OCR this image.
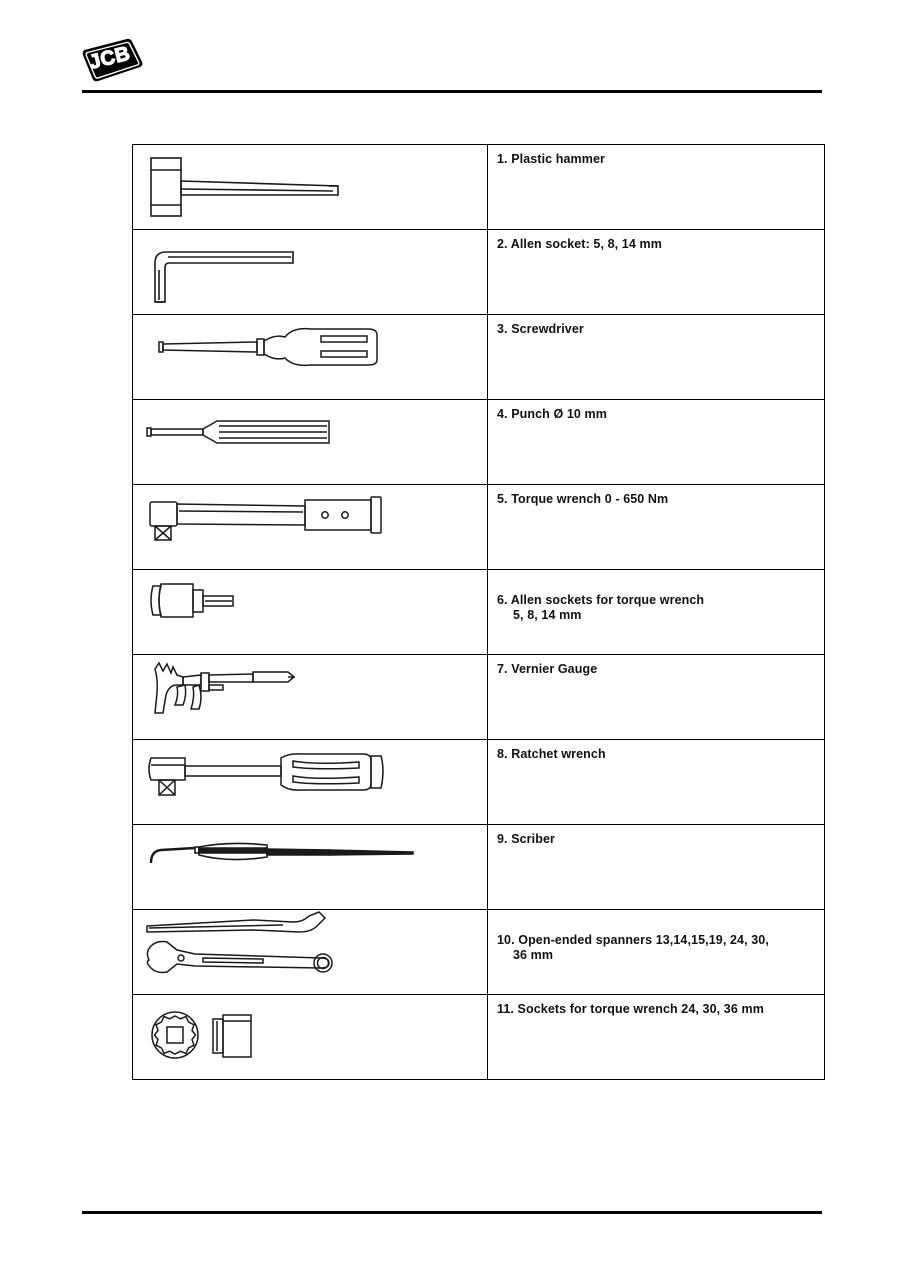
JCB

1. Plastic hammer

2. Allen socket: 5, 8, 14 mm

3. Screwdriver

4. Punch Ø 10 mm

5. Torque wrench 0 - 650 Nm

6. Allen sockets for torque wrench

5, 8, 14 mm

7. Vernier Gauge

8. Ratchet wrench

9. Scriber

10. Open-ended spanners 13,14,15,19, 24, 30,

36 mm

11. Sockets for torque wrench 24, 30, 36 mm
